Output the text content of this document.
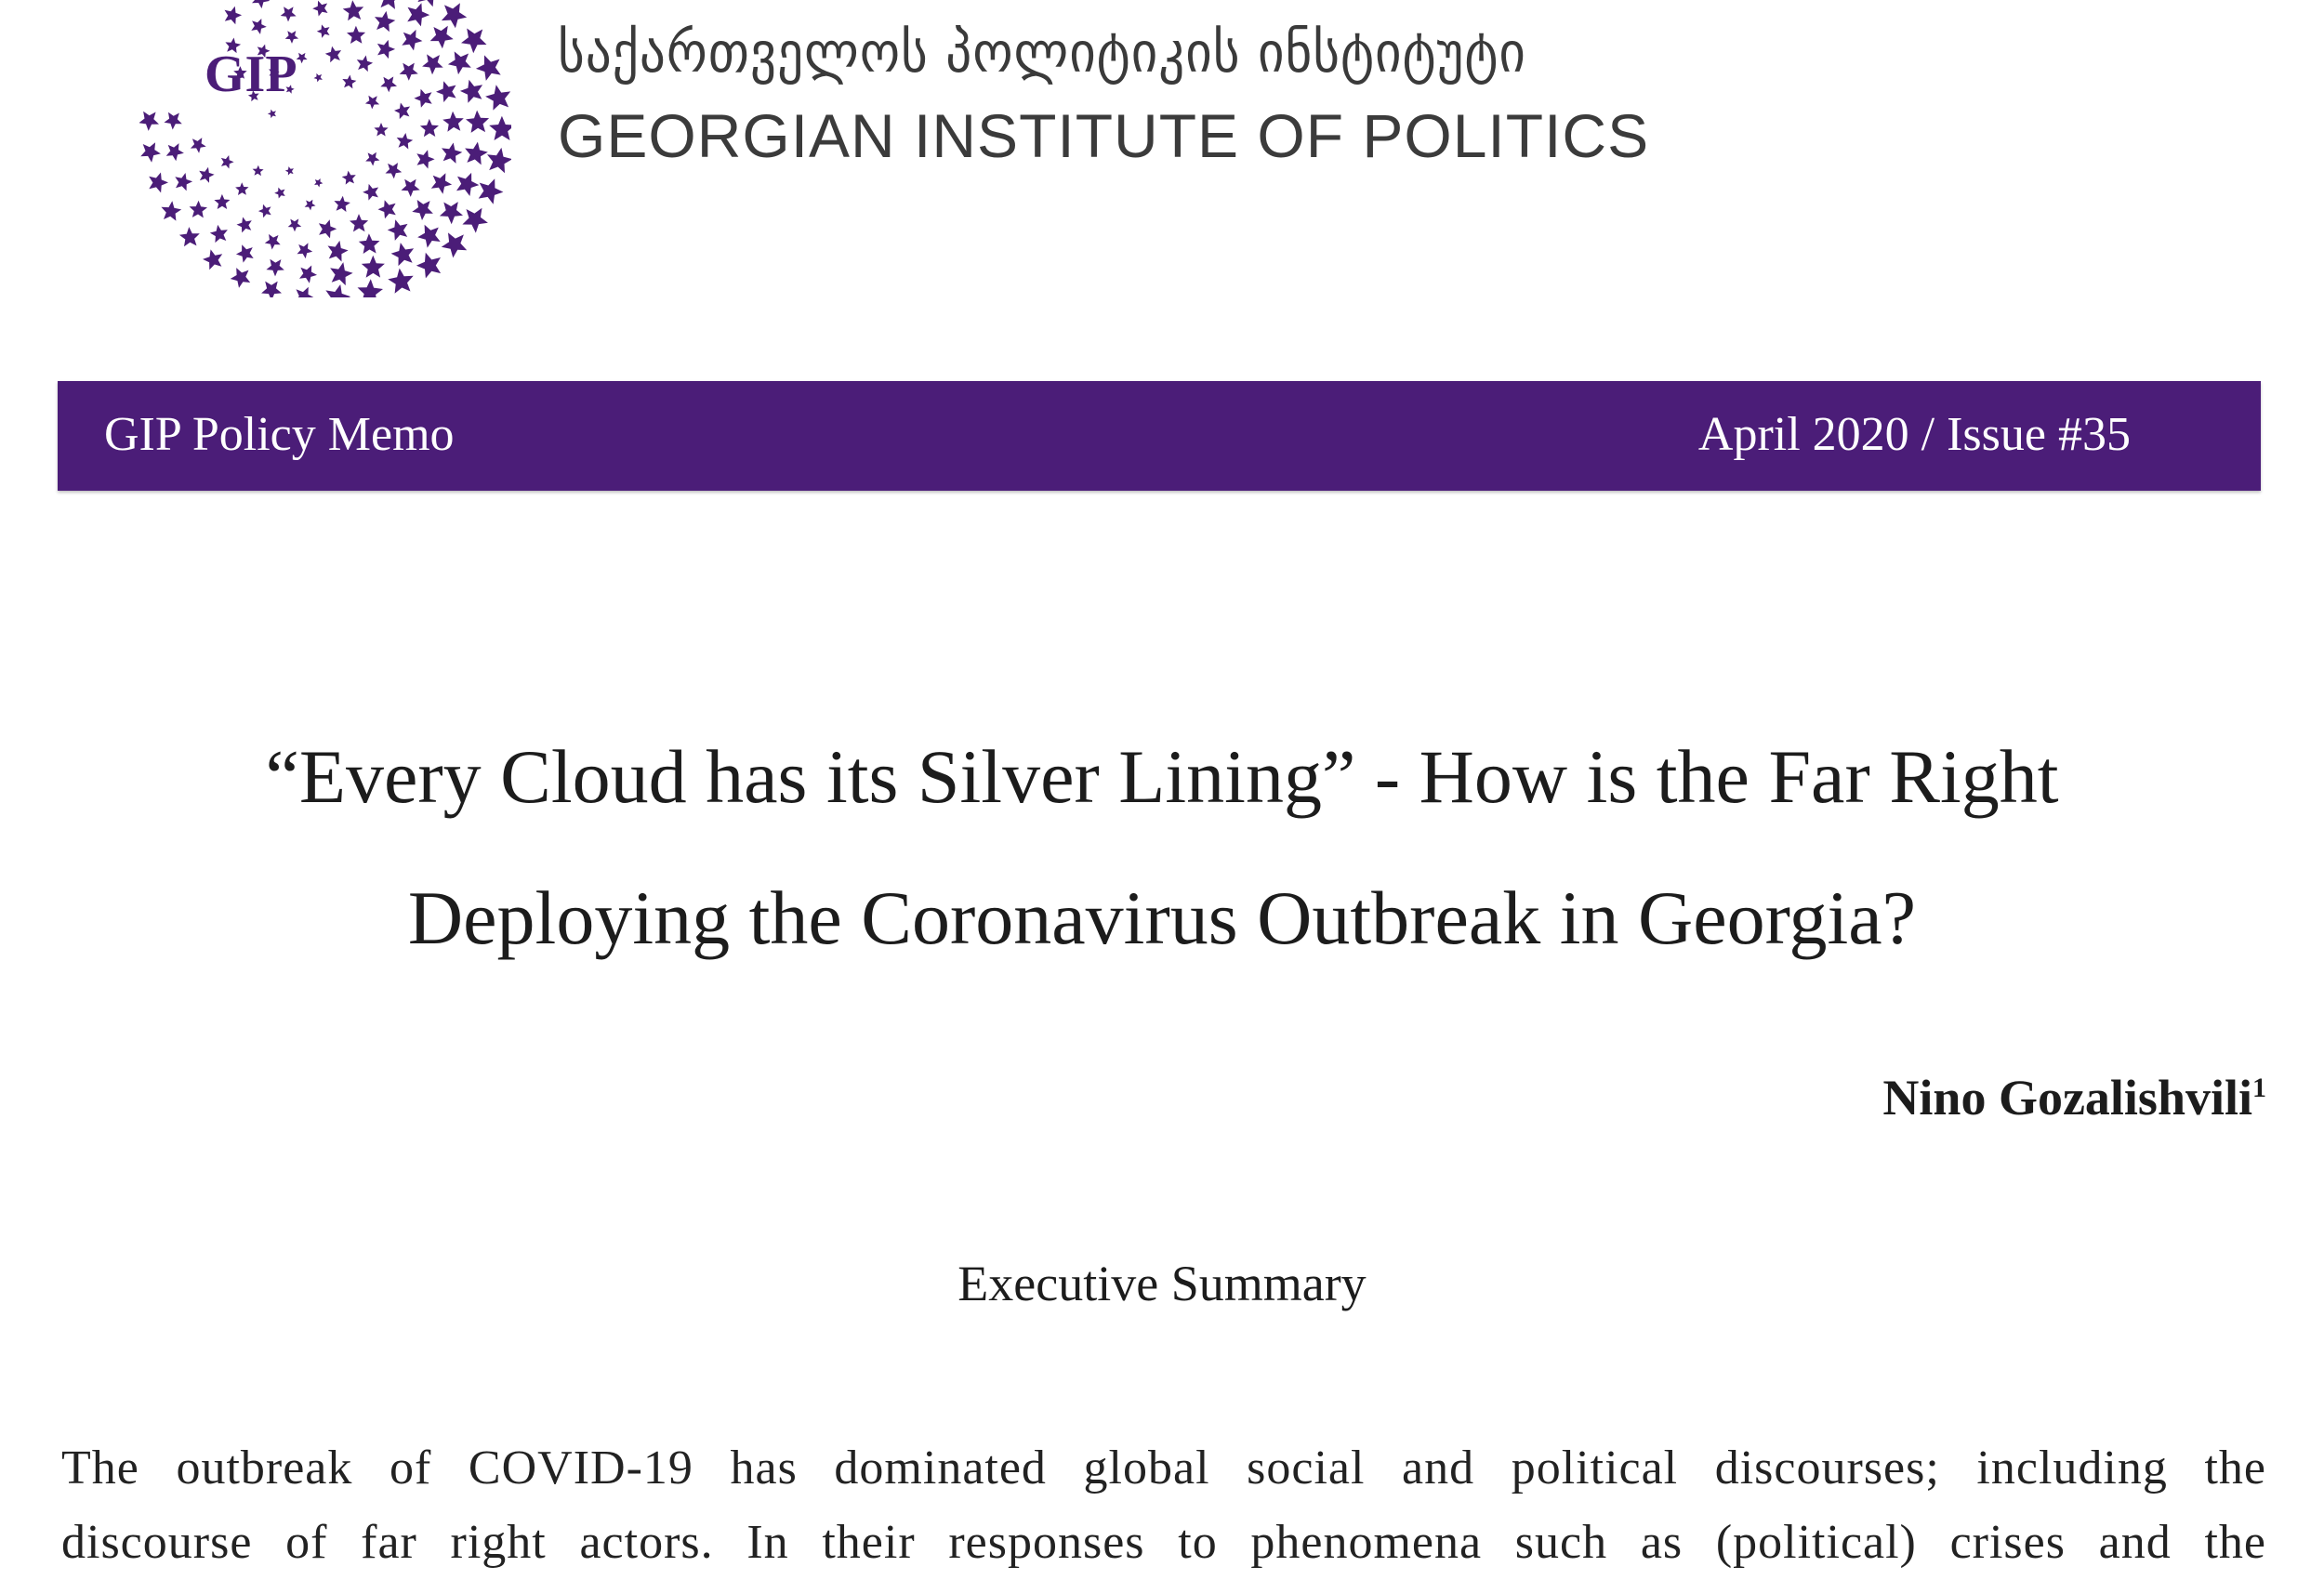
GIP	საქართველოს პოლიტიკის ინსტიტუტი
GEORGIAN INSTITUTE OF POLITICS
GIP Policy Memo	April 2020 / Issue #35
“Every Cloud has its Silver Lining” - How is the Far Right
Deploying the Coronavirus Outbreak in Georgia?
Nino Gozalishvili$^1$
Executive Summary
The outbreak of COVID-19 has dominated global social and political discourses; including the
discourse of far right actors. In their responses to phenomena such as (political) crises and the
